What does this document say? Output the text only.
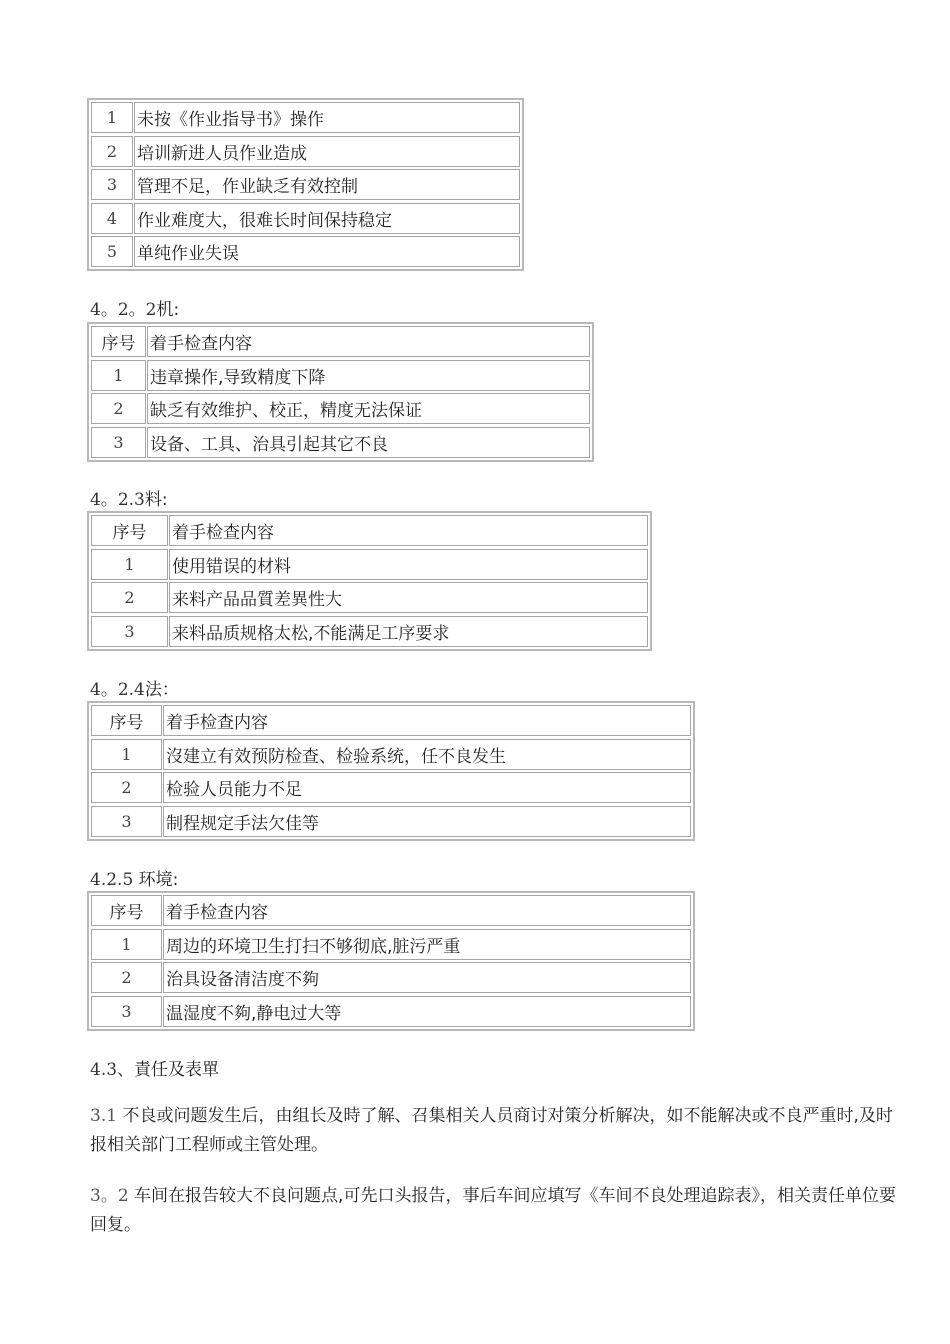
1	未按《作业指导书》操作
2	培训新进人员作业造成
3	管理不足，作业缺乏有效控制
4	作业难度大，很难长时间保持稳定
5	单纯作业失误
4。2。2机:
序号 着手检查内容
1	违章操作,导致精度下降
2	缺乏有效维护、校正，精度无法保证
3	设备、工具、治具引起其它不良
4。2.3料:
序号	着手检查内容
1	使用错误的材料
2	来料产品品質差異性大
3	来料品质规格太松,不能满足工序要求
4。2.4法：
序号	着手检查内容
1	沒建立有效预防检查、检验系统，任不良发生
2	检验人员能力不足
3	制程规定手法欠佳等
4.2.5 环境:
序号	着手检查内容
1	周边的环境卫生打扫不够彻底,脏污严重
2	治具设备清洁度不夠
3	温湿度不夠,静电过大等
4.3、責任及表單
3.1 不良或问题发生后，由组长及時了解、召集相关人员商讨对策分析解决，如不能解决或不良严重时,及时报相关部门工程师或主管处理。
3。2 车间在报告较大不良问题点,可先口头报告，事后车间应填写《车间不良处理追踪表》，相关责任单位要回复。
